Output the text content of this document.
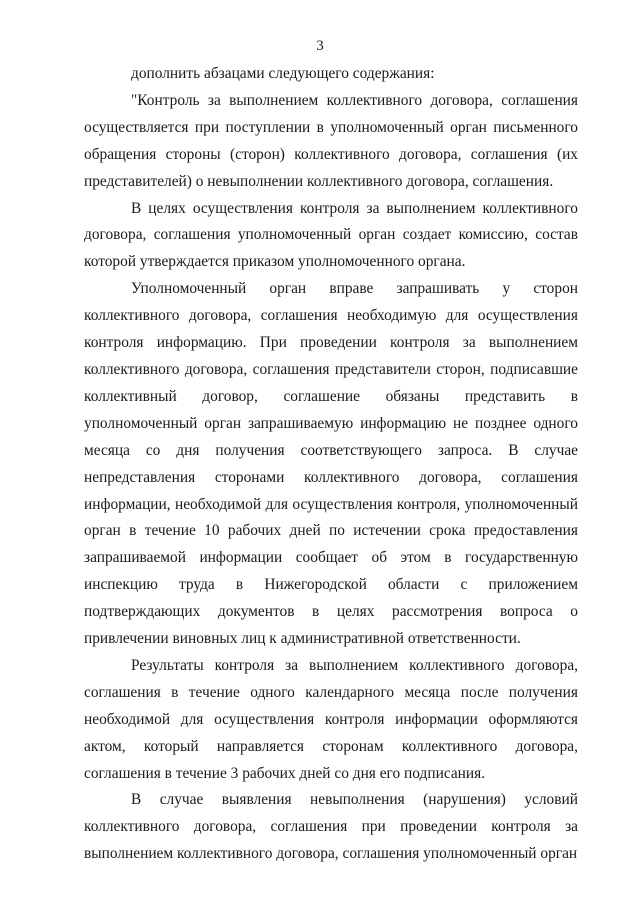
3

дополнить абзацами следующего содержания:

"Контроль за выполнением коллективного договора, соглашения осуществляется при поступлении в уполномоченный орган письменного обращения стороны (сторон) коллективного договора, соглашения (их представителей) о невыполнении коллективного договора, соглашения.

В целях осуществления контроля за выполнением коллективного договора, соглашения уполномоченный орган создает комиссию, состав которой утверждается приказом уполномоченного органа.

Уполномоченный орган вправе запрашивать у сторон коллективного договора, соглашения необходимую для осуществления контроля информацию. При проведении контроля за выполнением коллективного договора, соглашения представители сторон, подписавшие коллективный договор, соглашение обязаны представить в уполномоченный орган запрашиваемую информацию не позднее одного месяца со дня получения соответствующего запроса. В случае непредставления сторонами коллективного договора, соглашения информации, необходимой для осуществления контроля, уполномоченный орган в течение 10 рабочих дней по истечении срока предоставления запрашиваемой информации сообщает об этом в государственную инспекцию труда в Нижегородской области с приложением подтверждающих документов в целях рассмотрения вопроса о привлечении виновных лиц к административной ответственности.

Результаты контроля за выполнением коллективного договора, соглашения в течение одного календарного месяца после получения необходимой для осуществления контроля информации оформляются актом, который направляется сторонам коллективного договора, соглашения в течение 3 рабочих дней со дня его подписания.

В случае выявления невыполнения (нарушения) условий коллективного договора, соглашения при проведении контроля за выполнением коллективного договора, соглашения уполномоченный орган
